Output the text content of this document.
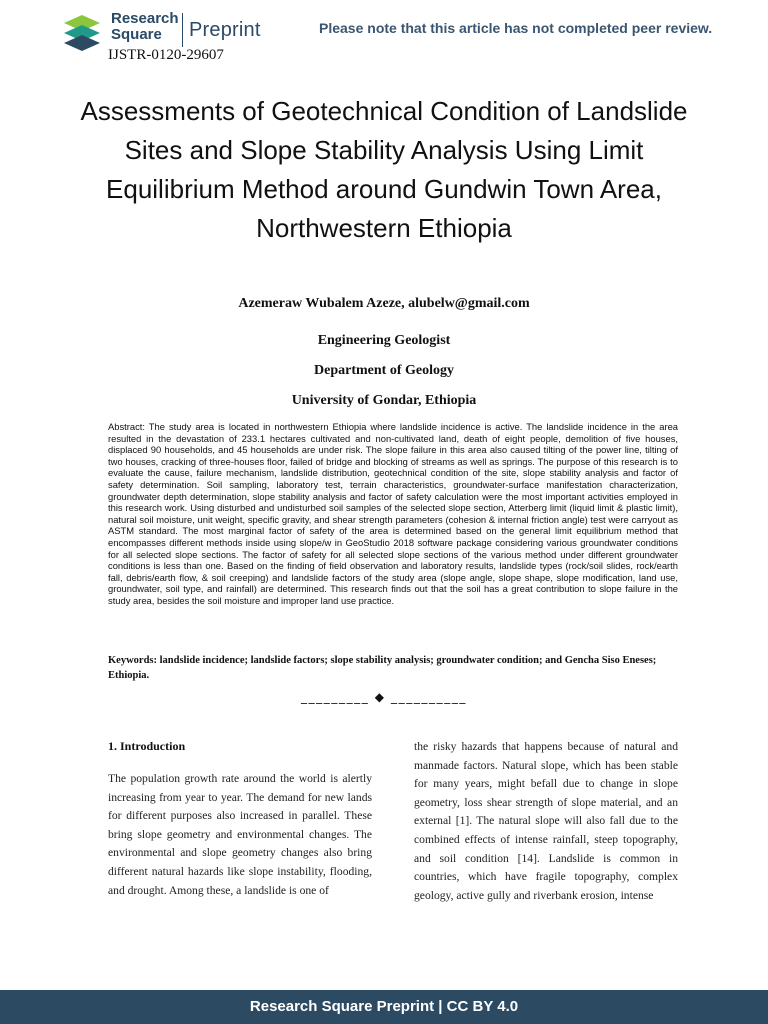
Research
Square	Preprint	Please note that this article has not completed peer review.
IJSTR-0120-29607
Assessments of Geotechnical Condition of Landslide Sites and Slope Stability Analysis Using Limit Equilibrium Method around Gundwin Town Area, Northwestern Ethiopia
Azemeraw Wubalem Azeze, alubelw@gmail.com
Engineering Geologist
Department of Geology
University of Gondar, Ethiopia

Abstract: The study area is located in northwestern Ethiopia where landslide incidence is active. The landslide incidence in the area resulted in the devastation of 233.1 hectares cultivated and non-cultivated land, death of eight people, demolition of five houses, displaced 90 households, and 45 households are under risk. The slope failure in this area also caused tilting of the power line, tilting of two houses, cracking of three-houses floor, failed of bridge and blocking of streams as well as springs. The purpose of this research is to evaluate the cause, failure mechanism, landslide distribution, geotechnical condition of the site, slope stability analysis and factor of safety determination. Soil sampling, laboratory test, terrain characteristics, groundwater-surface manifestation characterization, groundwater depth determination, slope stability analysis and factor of safety calculation were the most important activities employed in this research work. Using disturbed and undisturbed soil samples of the selected slope section, Atterberg limit (liquid limit & plastic limit), natural soil moisture, unit weight, specific gravity, and shear strength parameters (cohesion & internal friction angle) test were carryout as ASTM standard. The most marginal factor of safety of the area is determined based on the general limit equilibrium method that encompasses different methods inside using slope/w in GeoStudio 2018 software package considering various groundwater conditions for all selected slope sections. The factor of safety for all selected slope sections of the various method under different groundwater conditions is less than one. Based on the finding of field observation and laboratory results, landslide types (rock/soil slides, rock/earth fall, debris/earth flow, & soil creeping) and landslide factors of the study area (slope angle, slope shape, slope modification, land use, groundwater, soil type, and rainfall) are determined. This research finds out that the soil has a great contribution to slope failure in the study area, besides the soil moisture and improper land use practice.

Keywords: landslide incidence; landslide factors; slope stability analysis; groundwater condition; and Gencha Siso Eneses; Ethiopia.

_________ ◆ __________

1. Introduction

The population growth rate around the world is alertly increasing from year to year. The demand for new lands for different purposes also increased in parallel. These bring slope geometry and environmental changes. The environmental and slope geometry changes also bring different natural hazards like slope instability, flooding, and drought. Among these, a landslide is one of

the risky hazards that happens because of natural and manmade factors. Natural slope, which has been stable for many years, might befall due to change in slope geometry, loss shear strength of slope material, and an external [1]. The natural slope will also fall due to the combined effects of intense rainfall, steep topography, and soil condition [14]. Landslide is common in countries, which have fragile topography, complex geology, active gully and riverbank erosion, intense

Research Square Preprint | CC BY 4.0
